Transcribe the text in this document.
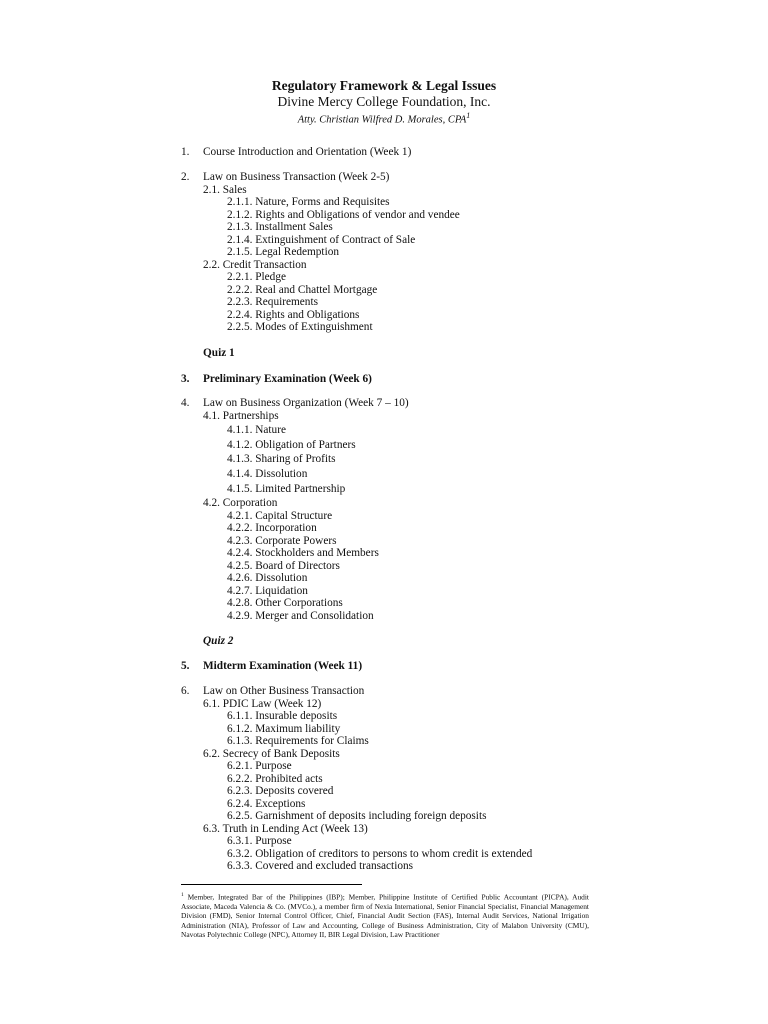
Regulatory Framework & Legal Issues
Divine Mercy College Foundation, Inc.
Atty. Christian Wilfred D. Morales, CPA$^1$
1. Course Introduction and Orientation (Week 1)
2. Law on Business Transaction (Week 2-5)
2.1. Sales
2.1.1. Nature, Forms and Requisites
2.1.2. Rights and Obligations of vendor and vendee
2.1.3. Installment Sales
2.1.4. Extinguishment of Contract of Sale
2.1.5. Legal Redemption
2.2. Credit Transaction
2.2.1. Pledge
2.2.2. Real and Chattel Mortgage
2.2.3. Requirements
2.2.4. Rights and Obligations
2.2.5. Modes of Extinguishment
Quiz 1
3. Preliminary Examination (Week 6)
4. Law on Business Organization (Week 7 – 10)
4.1. Partnerships
4.1.1. Nature
4.1.2. Obligation of Partners
4.1.3. Sharing of Profits
4.1.4. Dissolution
4.1.5. Limited Partnership
4.2. Corporation
4.2.1. Capital Structure
4.2.2. Incorporation
4.2.3. Corporate Powers
4.2.4. Stockholders and Members
4.2.5. Board of Directors
4.2.6. Dissolution
4.2.7. Liquidation
4.2.8. Other Corporations
4.2.9. Merger and Consolidation
Quiz 2
5. Midterm Examination (Week 11)
6. Law on Other Business Transaction
6.1. PDIC Law (Week 12)
6.1.1. Insurable deposits
6.1.2. Maximum liability
6.1.3. Requirements for Claims
6.2. Secrecy of Bank Deposits
6.2.1. Purpose
6.2.2. Prohibited acts
6.2.3. Deposits covered
6.2.4. Exceptions
6.2.5. Garnishment of deposits including foreign deposits
6.3. Truth in Lending Act (Week 13)
6.3.1. Purpose
6.3.2. Obligation of creditors to persons to whom credit is extended
6.3.3. Covered and excluded transactions
$^1$ Member, Integrated Bar of the Philippines (IBP); Member, Philippine Institute of Certified Public Accountant (PICPA), Audit Associate, Maceda Valencia & Co. (MVCo.), a member firm of Nexia International, Senior Financial Specialist, Financial Management Division (FMD), Senior Internal Control Officer, Chief, Financial Audit Section (FAS), Internal Audit Services, National Irrigation Administration (NIA), Professor of Law and Accounting, College of Business Administration, City of Malabon University (CMU), Navotas Polytechnic College (NPC), Attorney II, BIR Legal Division, Law Practitioner
